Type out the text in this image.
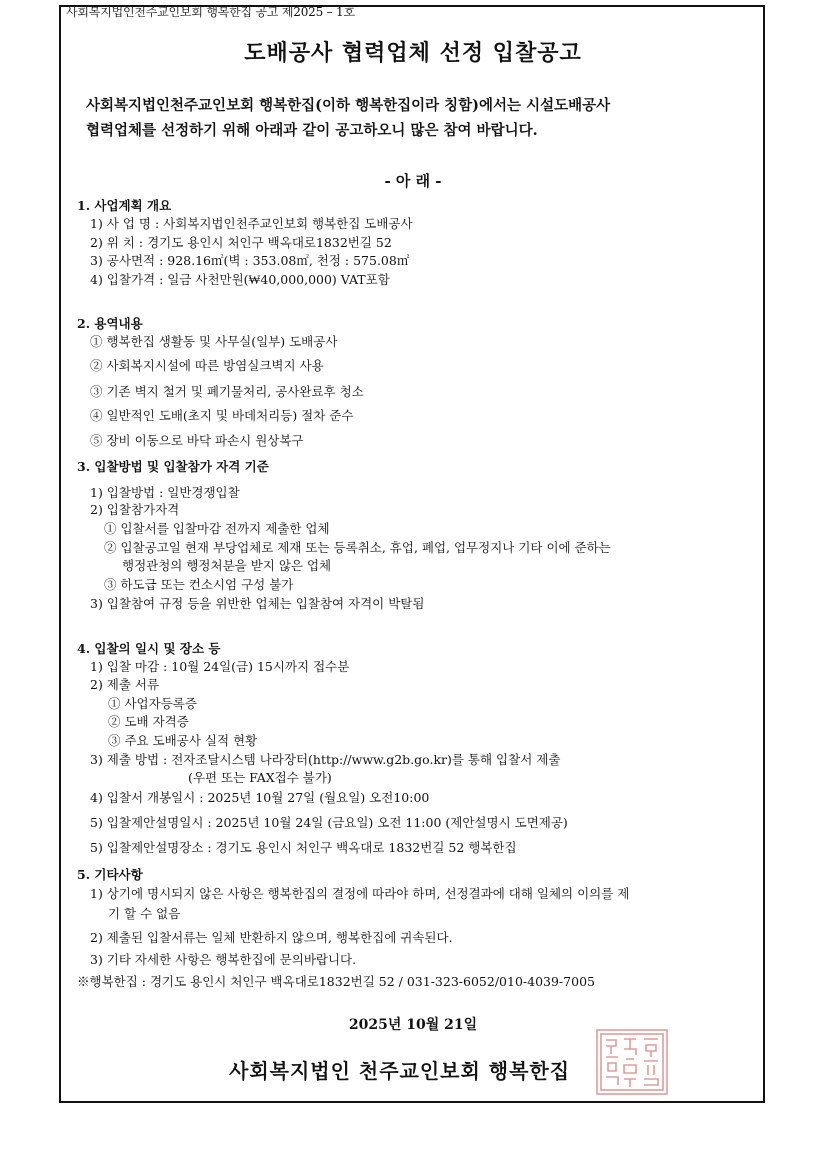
사회복지법인천주교인보회 행복한집 공고 제2025 – 1호
도배공사 협력업체 선정 입찰공고
사회복지법인천주교인보회 행복한집(이하 행복한집이라 칭함)에서는 시설도배공사
협력업체를 선정하기 위해 아래과 같이 공고하오니 많은 참여 바랍니다.
- 아 래 -
1. 사업계획 개요
1) 사 업 명 : 사회복지법인천주교인보회 행복한집 도배공사
2) 위 치 : 경기도 용인시 처인구 백옥대로1832번길 52
3) 공사면적 : 928.16㎡(벽 : 353.08㎡, 천정 : 575.08㎡
4) 입찰가격 : 일금 사천만원(₩40,000,000) VAT포함
2. 용역내용
① 행복한집 생활동 및 사무실(일부) 도배공사
② 사회복지시설에 따른 방염실크벽지 사용
③ 기존 벽지 철거 및 폐기물처리, 공사완료후 청소
④ 일반적인 도배(초지 및 바데처리등) 절차 준수
⑤ 장비 이동으로 바닥 파손시 원상복구
3. 입찰방법 및 입찰참가 자격 기준
1) 입찰방법 : 일반경쟁입찰
2) 입찰참가자격
① 입찰서를 입찰마감 전까지 제출한 업체
② 입찰공고일 현재 부당업체로 제재 또는 등록취소, 휴업, 폐업, 업무정지나 기타 이에 준하는
행정관청의 행정처분을 받지 않은 업체
③ 하도급 또는 컨소시엄 구성 불가
3) 입찰참여 규정 등을 위반한 업체는 입찰참여 자격이 박탈됨
4. 입찰의 일시 및 장소 등
1) 입찰 마감 : 10월 24일(금) 15시까지 접수분
2) 제출 서류
① 사업자등록증
② 도배 자격증
③ 주요 도배공사 실적 현황
3) 제출 방법 : 전자조달시스템 나라장터(http://www.g2b.go.kr)를 통해 입찰서 제출
(우편 또는 FAX접수 불가)
4) 입찰서 개봉일시 : 2025년 10월 27일 (월요일) 오전10:00
5) 입찰제안설명일시 : 2025년 10월 24일 (금요일) 오전 11:00 (제안설명시 도면제공)
5) 입찰제안설명장소 : 경기도 용인시 처인구 백옥대로 1832번길 52 행복한집
5. 기타사항
1) 상기에 명시되지 않은 사항은 행복한집의 결정에 따라야 하며, 선정결과에 대해 일체의 이의를 제
기 할 수 없음
2) 제출된 입찰서류는 일체 반환하지 않으며, 행복한집에 귀속된다.
3) 기타 자세한 사항은 행복한집에 문의바랍니다.
※행복한집 : 경기도 용인시 처인구 백옥대로1832번길 52 / 031-323-6052/010-4039-7005
2025년 10월 21일
사회복지법인 천주교인보회 행복한집
